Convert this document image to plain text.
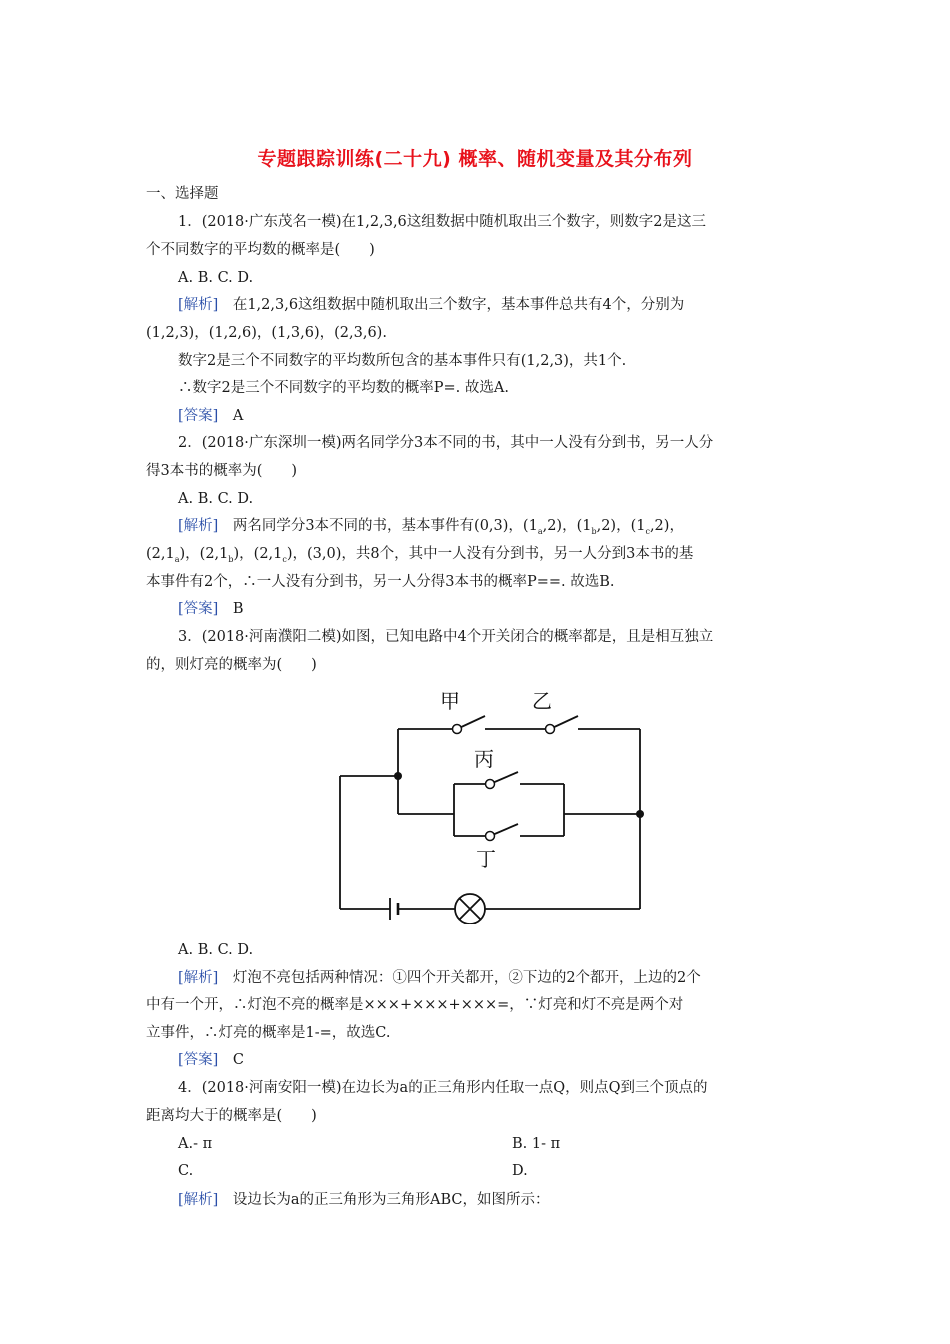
专题跟踪训练(二十九) 概率、随机变量及其分布列
一、选择题
1．(2018·广东茂名一模)在1,2,3,6这组数据中随机取出三个数字，则数字2是这三
个不同数字的平均数的概率是(　　)
A. B. C. D.
[解析]　在1,2,3,6这组数据中随机取出三个数字，基本事件总共有4个，分别为
(1,2,3)，(1,2,6)，(1,3,6)，(2,3,6).
数字2是三个不同数字的平均数所包含的基本事件只有(1,2,3)，共1个.
∴数字2是三个不同数字的平均数的概率P=. 故选A.
[答案]　A
2．(2018·广东深圳一模)两名同学分3本不同的书，其中一人没有分到书，另一人分
得3本书的概率为(　　)
A. B. C. D.
[解析]　两名同学分3本不同的书，基本事件有(0,3)，$(1_a,2)$，$(1_b,2)$，$(1_c,2)$，
$(2,1_a)$，$(2,1_b)$，$(2,1_c)$，(3,0)，共8个，其中一人没有分到书，另一人分到3本书的基
本事件有2个，∴一人没有分到书，另一人分得3本书的概率P==. 故选B.
[答案]　B
3．(2018·河南濮阳二模)如图，已知电路中4个开关闭合的概率都是，且是相互独立
的，则灯亮的概率为(　　)
甲	乙
丙
丁
A. B. C. D.
[解析]　灯泡不亮包括两种情况：①四个开关都开，②下边的2个都开，上边的2个
中有一个开，∴灯泡不亮的概率是×××+×××+×××=，∵灯亮和灯不亮是两个对
立事件，∴灯亮的概率是1-=，故选C.
[答案]　C
4．(2018·河南安阳一模)在边长为a的正三角形内任取一点Q，则点Q到三个顶点的
距离均大于的概率是(　　)
A.- π	B. 1- π
C.	D.
[解析]　设边长为a的正三角形为三角形ABC，如图所示：
